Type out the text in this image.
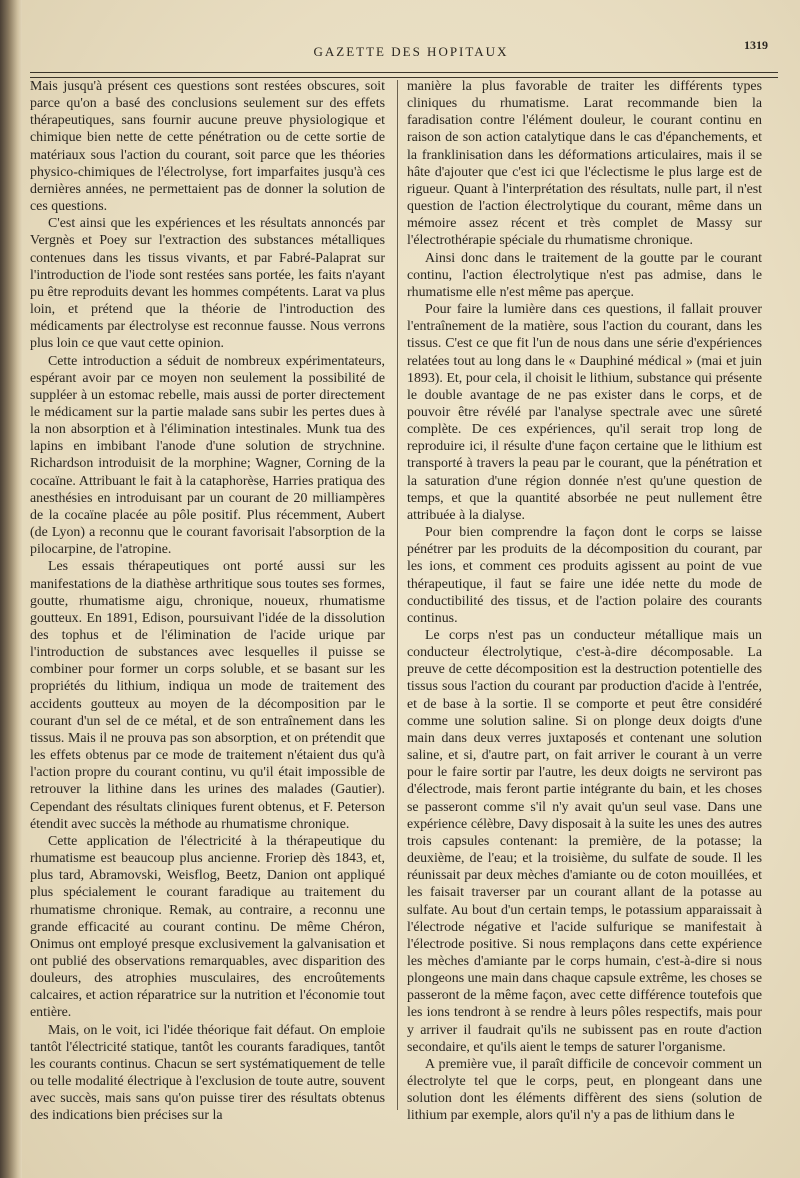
GAZETTE DES HOPITAUX	1319

Mais jusqu'à présent ces questions sont restées obscures, soit parce qu'on a basé des conclusions seulement sur des effets thérapeutiques, sans fournir aucune preuve physiologique et chimique bien nette de cette pénétration ou de cette sortie de matériaux sous l'action du courant, soit parce que les théories physico-chimiques de l'électrolyse, fort imparfaites jusqu'à ces dernières années, ne permettaient pas de donner la solution de ces questions.

C'est ainsi que les expériences et les résultats annoncés par Vergnès et Poey sur l'extraction des substances métalliques contenues dans les tissus vivants, et par Fabré-Palaprat sur l'introduction de l'iode sont restées sans portée, les faits n'ayant pu être reproduits devant les hommes compétents. Larat va plus loin, et prétend que la théorie de l'introduction des médicaments par électrolyse est reconnue fausse. Nous verrons plus loin ce que vaut cette opinion.

Cette introduction a séduit de nombreux expérimentateurs, espérant avoir par ce moyen non seulement la possibilité de suppléer à un estomac rebelle, mais aussi de porter directement le médicament sur la partie malade sans subir les pertes dues à la non absorption et à l'élimination intestinales. Munk tua des lapins en imbibant l'anode d'une solution de strychnine. Richardson introduisit de la morphine; Wagner, Corning de la cocaïne. Attribuant le fait à la cataphorèse, Harries pratiqua des anesthésies en introduisant par un courant de 20 milliampères de la cocaïne placée au pôle positif. Plus récemment, Aubert (de Lyon) a reconnu que le courant favorisait l'absorption de la pilocarpine, de l'atropine.

Les essais thérapeutiques ont porté aussi sur les manifestations de la diathèse arthritique sous toutes ses formes, goutte, rhumatisme aigu, chronique, noueux, rhumatisme goutteux. En 1891, Edison, poursuivant l'idée de la dissolution des tophus et de l'élimination de l'acide urique par l'introduction de substances avec lesquelles il puisse se combiner pour former un corps soluble, et se basant sur les propriétés du lithium, indiqua un mode de traitement des accidents goutteux au moyen de la décomposition par le courant d'un sel de ce métal, et de son entraînement dans les tissus. Mais il ne prouva pas son absorption, et on prétendit que les effets obtenus par ce mode de traitement n'étaient dus qu'à l'action propre du courant continu, vu qu'il était impossible de retrouver la lithine dans les urines des malades (Gautier). Cependant des résultats cliniques furent obtenus, et F. Peterson étendit avec succès la méthode au rhumatisme chronique.

Cette application de l'électricité à la thérapeutique du rhumatisme est beaucoup plus ancienne. Froriep dès 1843, et, plus tard, Abramovski, Weisflog, Beetz, Danion ont appliqué plus spécialement le courant faradique au traitement du rhumatisme chronique. Remak, au contraire, a reconnu une grande efficacité au courant continu. De même Chéron, Onimus ont employé presque exclusivement la galvanisation et ont publié des observations remarquables, avec disparition des douleurs, des atrophies musculaires, des encroûtements calcaires, et action réparatrice sur la nutrition et l'économie tout entière.

Mais, on le voit, ici l'idée théorique fait défaut. On emploie tantôt l'électricité statique, tantôt les courants faradiques, tantôt les courants continus. Chacun se sert systématiquement de telle ou telle modalité électrique à l'exclusion de toute autre, souvent avec succès, mais sans qu'on puisse tirer des résultats obtenus des indications bien précises sur la

manière la plus favorable de traiter les différents types cliniques du rhumatisme. Larat recommande bien la faradisation contre l'élément douleur, le courant continu en raison de son action catalytique dans le cas d'épanchements, et la franklinisation dans les déformations articulaires, mais il se hâte d'ajouter que c'est ici que l'éclectisme le plus large est de rigueur. Quant à l'interprétation des résultats, nulle part, il n'est question de l'action électrolytique du courant, même dans un mémoire assez récent et très complet de Massy sur l'électrothérapie spéciale du rhumatisme chronique.

Ainsi donc dans le traitement de la goutte par le courant continu, l'action électrolytique n'est pas admise, dans le rhumatisme elle n'est même pas aperçue.

Pour faire la lumière dans ces questions, il fallait prouver l'entraînement de la matière, sous l'action du courant, dans les tissus. C'est ce que fit l'un de nous dans une série d'expériences relatées tout au long dans le « Dauphiné médical » (mai et juin 1893). Et, pour cela, il choisit le lithium, substance qui présente le double avantage de ne pas exister dans le corps, et de pouvoir être révélé par l'analyse spectrale avec une sûreté complète. De ces expériences, qu'il serait trop long de reproduire ici, il résulte d'une façon certaine que le lithium est transporté à travers la peau par le courant, que la pénétration et la saturation d'une région donnée n'est qu'une question de temps, et que la quantité absorbée ne peut nullement être attribuée à la dialyse.

Pour bien comprendre la façon dont le corps se laisse pénétrer par les produits de la décomposition du courant, par les ions, et comment ces produits agissent au point de vue thérapeutique, il faut se faire une idée nette du mode de conductibilité des tissus, et de l'action polaire des courants continus.

Le corps n'est pas un conducteur métallique mais un conducteur électrolytique, c'est-à-dire décomposable. La preuve de cette décomposition est la destruction potentielle des tissus sous l'action du courant par production d'acide à l'entrée, et de base à la sortie. Il se comporte et peut être considéré comme une solution saline. Si on plonge deux doigts d'une main dans deux verres juxtaposés et contenant une solution saline, et si, d'autre part, on fait arriver le courant à un verre pour le faire sortir par l'autre, les deux doigts ne serviront pas d'électrode, mais feront partie intégrante du bain, et les choses se passeront comme s'il n'y avait qu'un seul vase. Dans une expérience célèbre, Davy disposait à la suite les unes des autres trois capsules contenant: la première, de la potasse; la deuxième, de l'eau; et la troisième, du sulfate de soude. Il les réunissait par deux mèches d'amiante ou de coton mouillées, et les faisait traverser par un courant allant de la potasse au sulfate. Au bout d'un certain temps, le potassium apparaissait à l'électrode négative et l'acide sulfurique se manifestait à l'électrode positive. Si nous remplaçons dans cette expérience les mèches d'amiante par le corps humain, c'est-à-dire si nous plongeons une main dans chaque capsule extrême, les choses se passeront de la même façon, avec cette différence toutefois que les ions tendront à se rendre à leurs pôles respectifs, mais pour y arriver il faudrait qu'ils ne subissent pas en route d'action secondaire, et qu'ils aient le temps de saturer l'organisme.

A première vue, il paraît difficile de concevoir comment un électrolyte tel que le corps, peut, en plongeant dans une solution dont les éléments diffèrent des siens (solution de lithium par exemple, alors qu'il n'y a pas de lithium dans le
